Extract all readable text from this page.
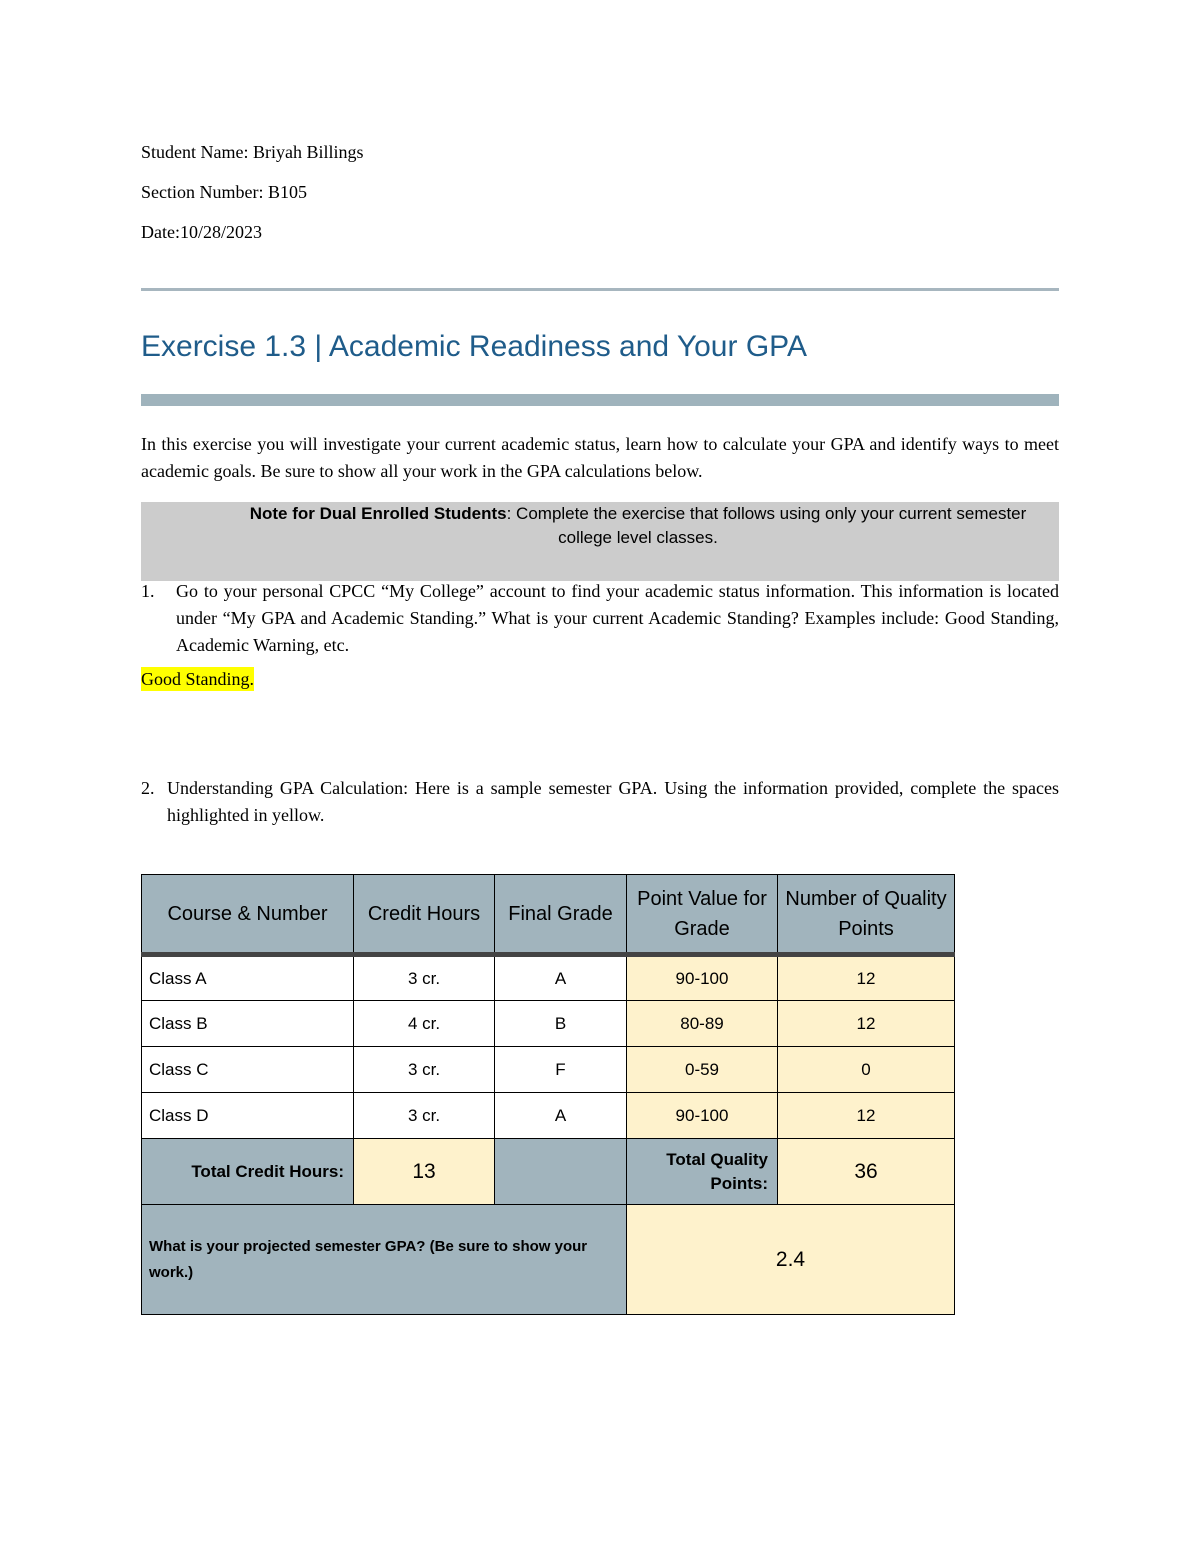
Student Name: Briyah Billings
Section Number: B105
Date:10/28/2023
Exercise 1.3 | Academic Readiness and Your GPA
In this exercise you will investigate your current academic status, learn how to calculate your GPA and identify ways to meet academic goals. Be sure to show all your work in the GPA calculations below.
Note for Dual Enrolled Students: Complete the exercise that follows using only your current semester college level classes.
1. Go to your personal CPCC “My College” account to find your academic status information. This information is located under “My GPA and Academic Standing.” What is your current Academic Standing? Examples include: Good Standing, Academic Warning, etc.
Good Standing.
2. Understanding GPA Calculation: Here is a sample semester GPA. Using the information provided, complete the spaces highlighted in yellow.
Course & Number	Credit Hours	Final Grade	Point Value for Grade	Number of Quality Points
Class A	3 cr.	A	90-100	12
Class B	4 cr.	B	80-89	12
Class C	3 cr.	F	0-59	0
Class D	3 cr.	A	90-100	12
Total Credit Hours:	13		Total Quality Points:	36
What is your projected semester GPA? (Be sure to show your work.)			2.4	
